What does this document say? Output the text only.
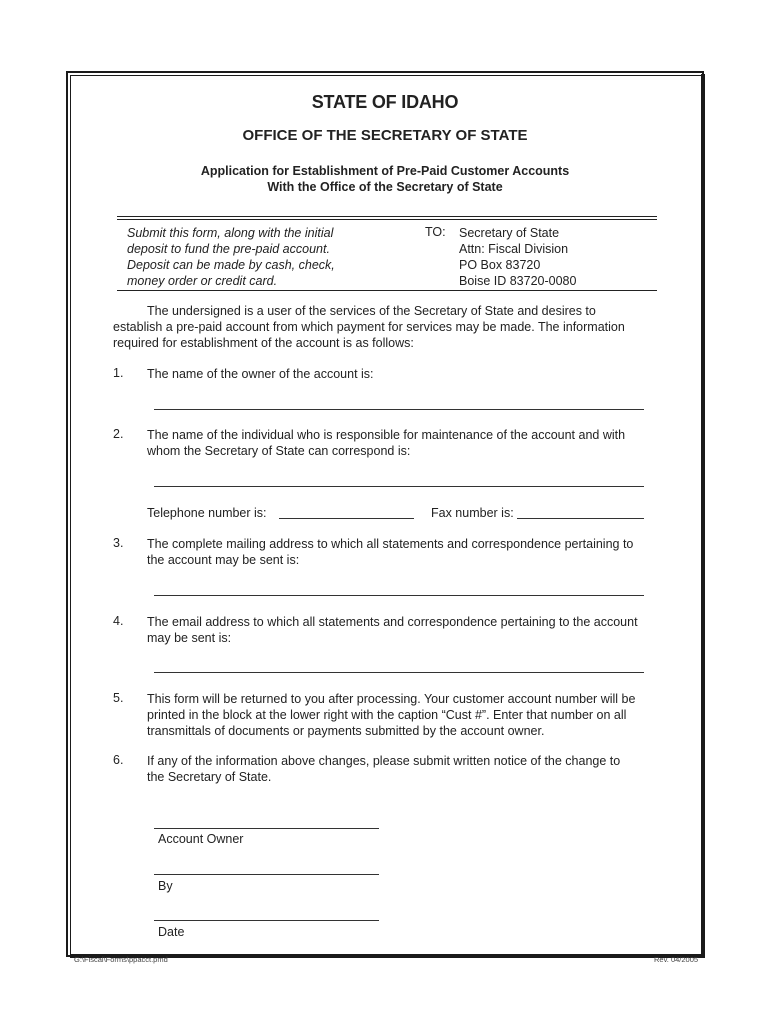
STATE OF IDAHO
OFFICE OF THE SECRETARY OF STATE
Application for Establishment of Pre-Paid Customer Accounts
With the Office of the Secretary of State
Submit this form, along with the initial
deposit to fund the pre-paid account.
Deposit can be made by cash, check,
money order or credit card.
TO: Secretary of State
Attn: Fiscal Division
PO Box 83720
Boise ID 83720-0080
The undersigned is a user of the services of the Secretary of State and desires to
establish a pre-paid account from which payment for services may be made. The information
required for establishment of the account is as follows:
1. The name of the owner of the account is:
2. The name of the individual who is responsible for maintenance of the account and with
whom the Secretary of State can correspond is:
Telephone number is:	Fax number is:
3. The complete mailing address to which all statements and correspondence pertaining to
the account may be sent is:
4. The email address to which all statements and correspondence pertaining to the account
may be sent is:
5. This form will be returned to you after processing. Your customer account number will be
printed in the block at the lower right with the caption “Cust #”. Enter that number on all
transmittals of documents or payments submitted by the account owner.
6. If any of the information above changes, please submit written notice of the change to
the Secretary of State.
Account Owner
By
Date
G:\Fiscal\Forms\ppacct.pmd	Rev. 04/2005
